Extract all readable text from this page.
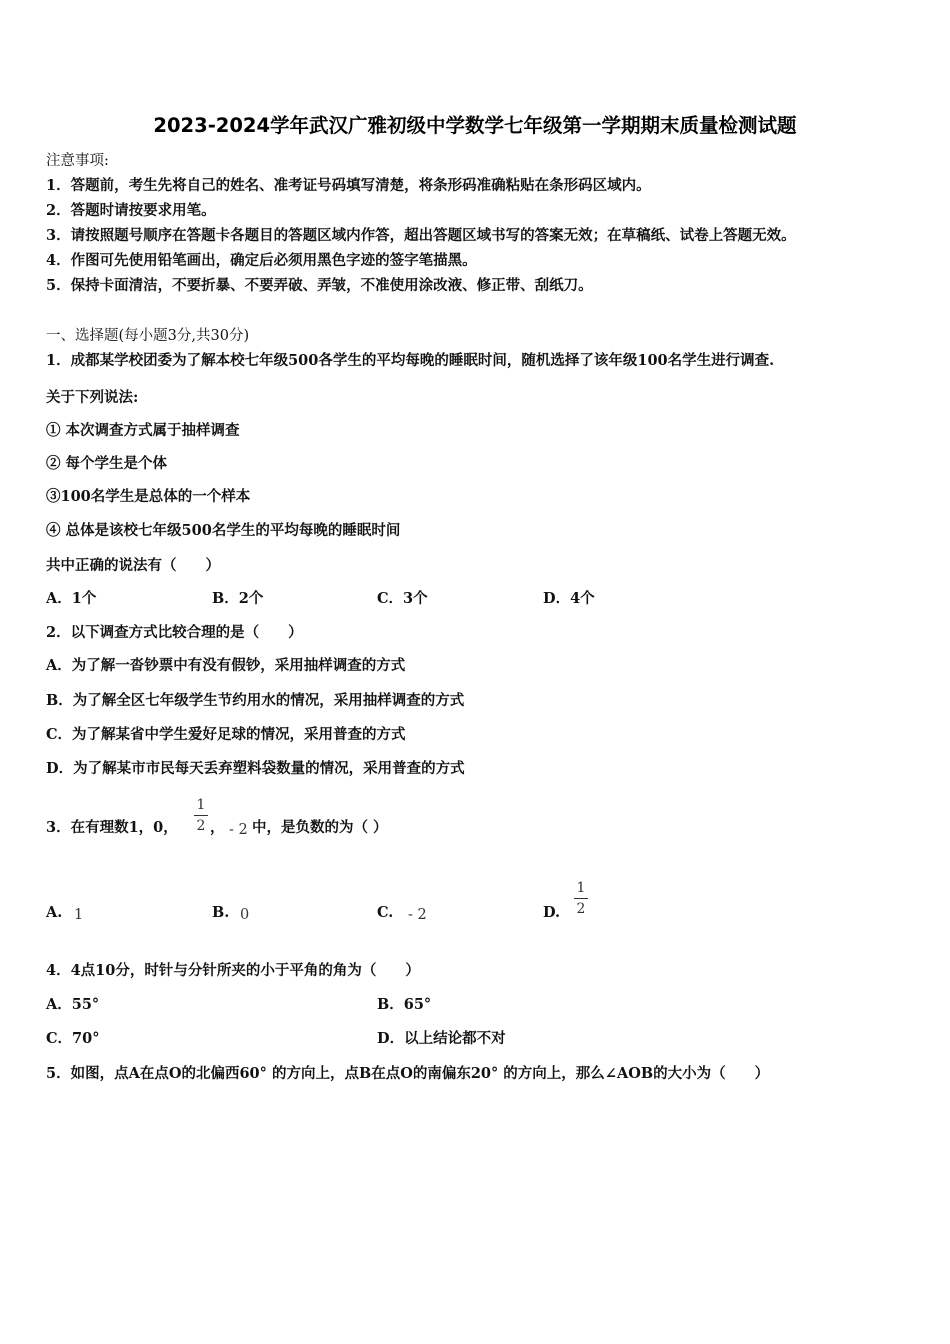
2023-2024学年武汉广雅初级中学数学七年级第一学期期末质量检测试题
注意事项:
1．答题前，考生先将自己的姓名、准考证号码填写清楚，将条形码准确粘贴在条形码区域内。
2．答题时请按要求用笔。
3．请按照题号顺序在答题卡各题目的答题区域内作答，超出答题区域书写的答案无效；在草稿纸、试卷上答题无效。
4．作图可先使用铅笔画出，确定后必须用黑色字迹的签字笔描黑。
5．保持卡面清洁，不要折暴、不要弄破、弄皱，不准使用涂改液、修正带、刮纸刀。
一、选择题(每小题3分,共30分)
1．成都某学校团委为了解本校七年级500各学生的平均每晚的睡眠时间，随机选择了该年级100名学生进行调查.
关于下列说法:
① 本次调查方式属于抽样调查
② 每个学生是个体
③100名学生是总体的一个样本
④ 总体是该校七年级500名学生的平均每晚的睡眠时间
共中正确的说法有（　　）
A．1个	B．2个	C．3个	D．4个
2．以下调查方式比较合理的是（　　）
A．为了解一沓钞票中有没有假钞，采用抽样调查的方式
B．为了解全区七年级学生节约用水的情况，采用抽样调查的方式
C．为了解某省中学生爱好足球的情况，采用普查的方式
D．为了解某市市民每天丢弃塑料袋数量的情况，采用普查的方式
3．在有理数1，0，
1
2 ， - 2 中，是负数的为（ ）
A. 1	B. 0	C. - 2	D.
1
2
4．4点10分，时针与分针所夹的小于平角的角为（　　）
A．55°	B．65°
C．70°	D．以上结论都不对
5．如图，点A在点O的北偏西60° 的方向上，点B在点O的南偏东20° 的方向上，那么∠AOB的大小为（　　）
